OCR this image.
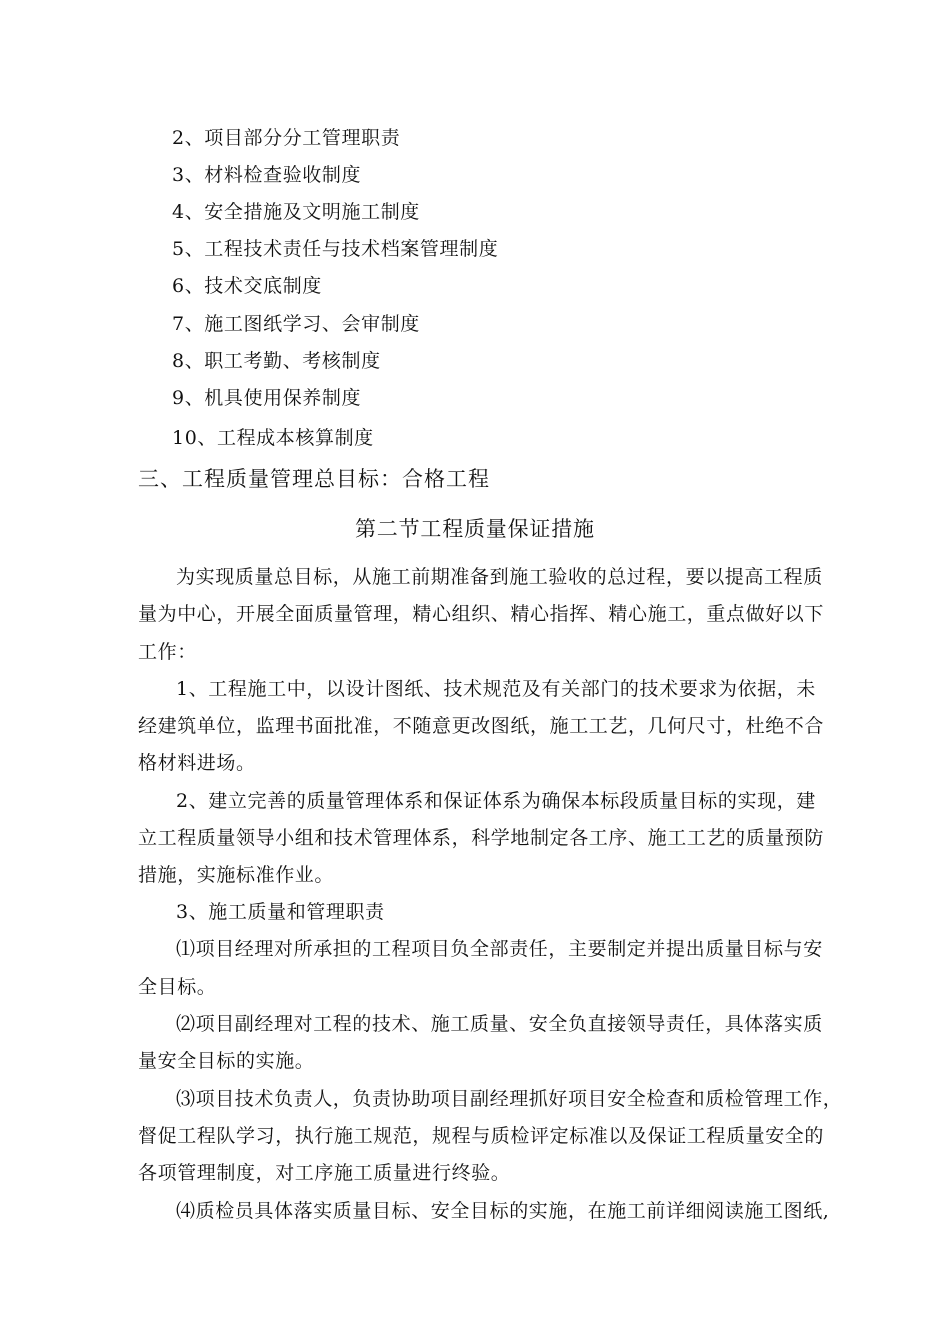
2、项目部分分工管理职责
3、材料检查验收制度
4、安全措施及文明施工制度
5、工程技术责任与技术档案管理制度
6、技术交底制度
7、施工图纸学习、会审制度
8、职工考勤、考核制度
9、机具使用保养制度
10、工程成本核算制度
三、工程质量管理总目标：合格工程
第二节工程质量保证措施
为实现质量总目标，从施工前期准备到施工验收的总过程，要以提高工程质
量为中心，开展全面质量管理，精心组织、精心指挥、精心施工，重点做好以下
工作：
1、工程施工中，以设计图纸、技术规范及有关部门的技术要求为依据，未
经建筑单位，监理书面批准，不随意更改图纸，施工工艺，几何尺寸，杜绝不合
格材料进场。
2、建立完善的质量管理体系和保证体系为确保本标段质量目标的实现，建
立工程质量领导小组和技术管理体系，科学地制定各工序、施工工艺的质量预防
措施，实施标准作业。
3、施工质量和管理职责
⑴项目经理对所承担的工程项目负全部责任，主要制定并提出质量目标与安
全目标。
⑵项目副经理对工程的技术、施工质量、安全负直接领导责任，具体落实质
量安全目标的实施。
⑶项目技术负责人，负责协助项目副经理抓好项目安全检查和质检管理工作，
督促工程队学习，执行施工规范，规程与质检评定标准以及保证工程质量安全的
各项管理制度，对工序施工质量进行终验。
⑷质检员具体落实质量目标、安全目标的实施，在施工前详细阅读施工图纸,
